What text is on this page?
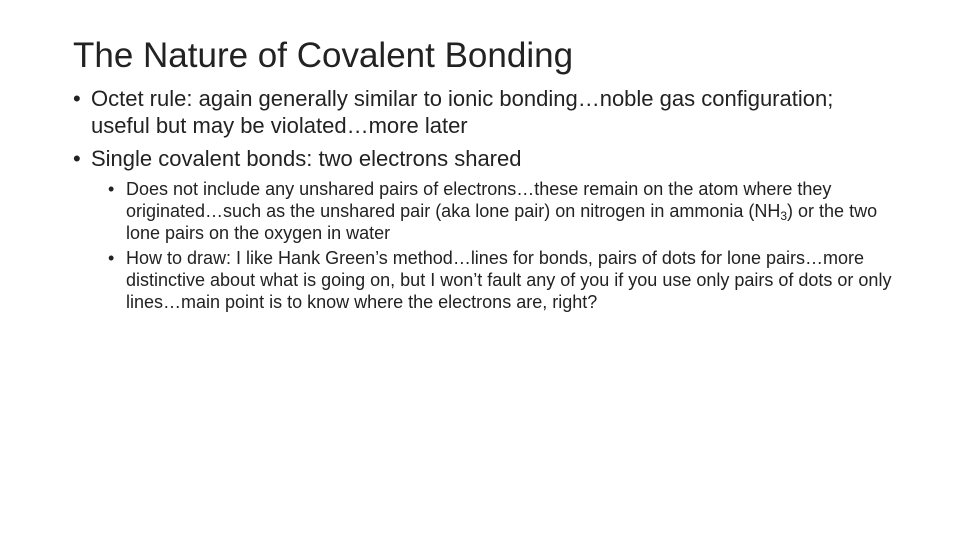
The Nature of Covalent Bonding
• Octet rule: again generally similar to ionic bonding…noble gas configuration; useful but may be violated…more later
• Single covalent bonds: two electrons shared
• Does not include any unshared pairs of electrons…these remain on the atom where they originated…such as the unshared pair (aka lone pair) on nitrogen in ammonia $(NH_3)$ or the two lone pairs on the oxygen in water
• How to draw: I like Hank Green’s method…lines for bonds, pairs of dots for lone pairs…more distinctive about what is going on, but I won’t fault any of you if you use only pairs of dots or only lines…main point is to know where the electrons are, right?
